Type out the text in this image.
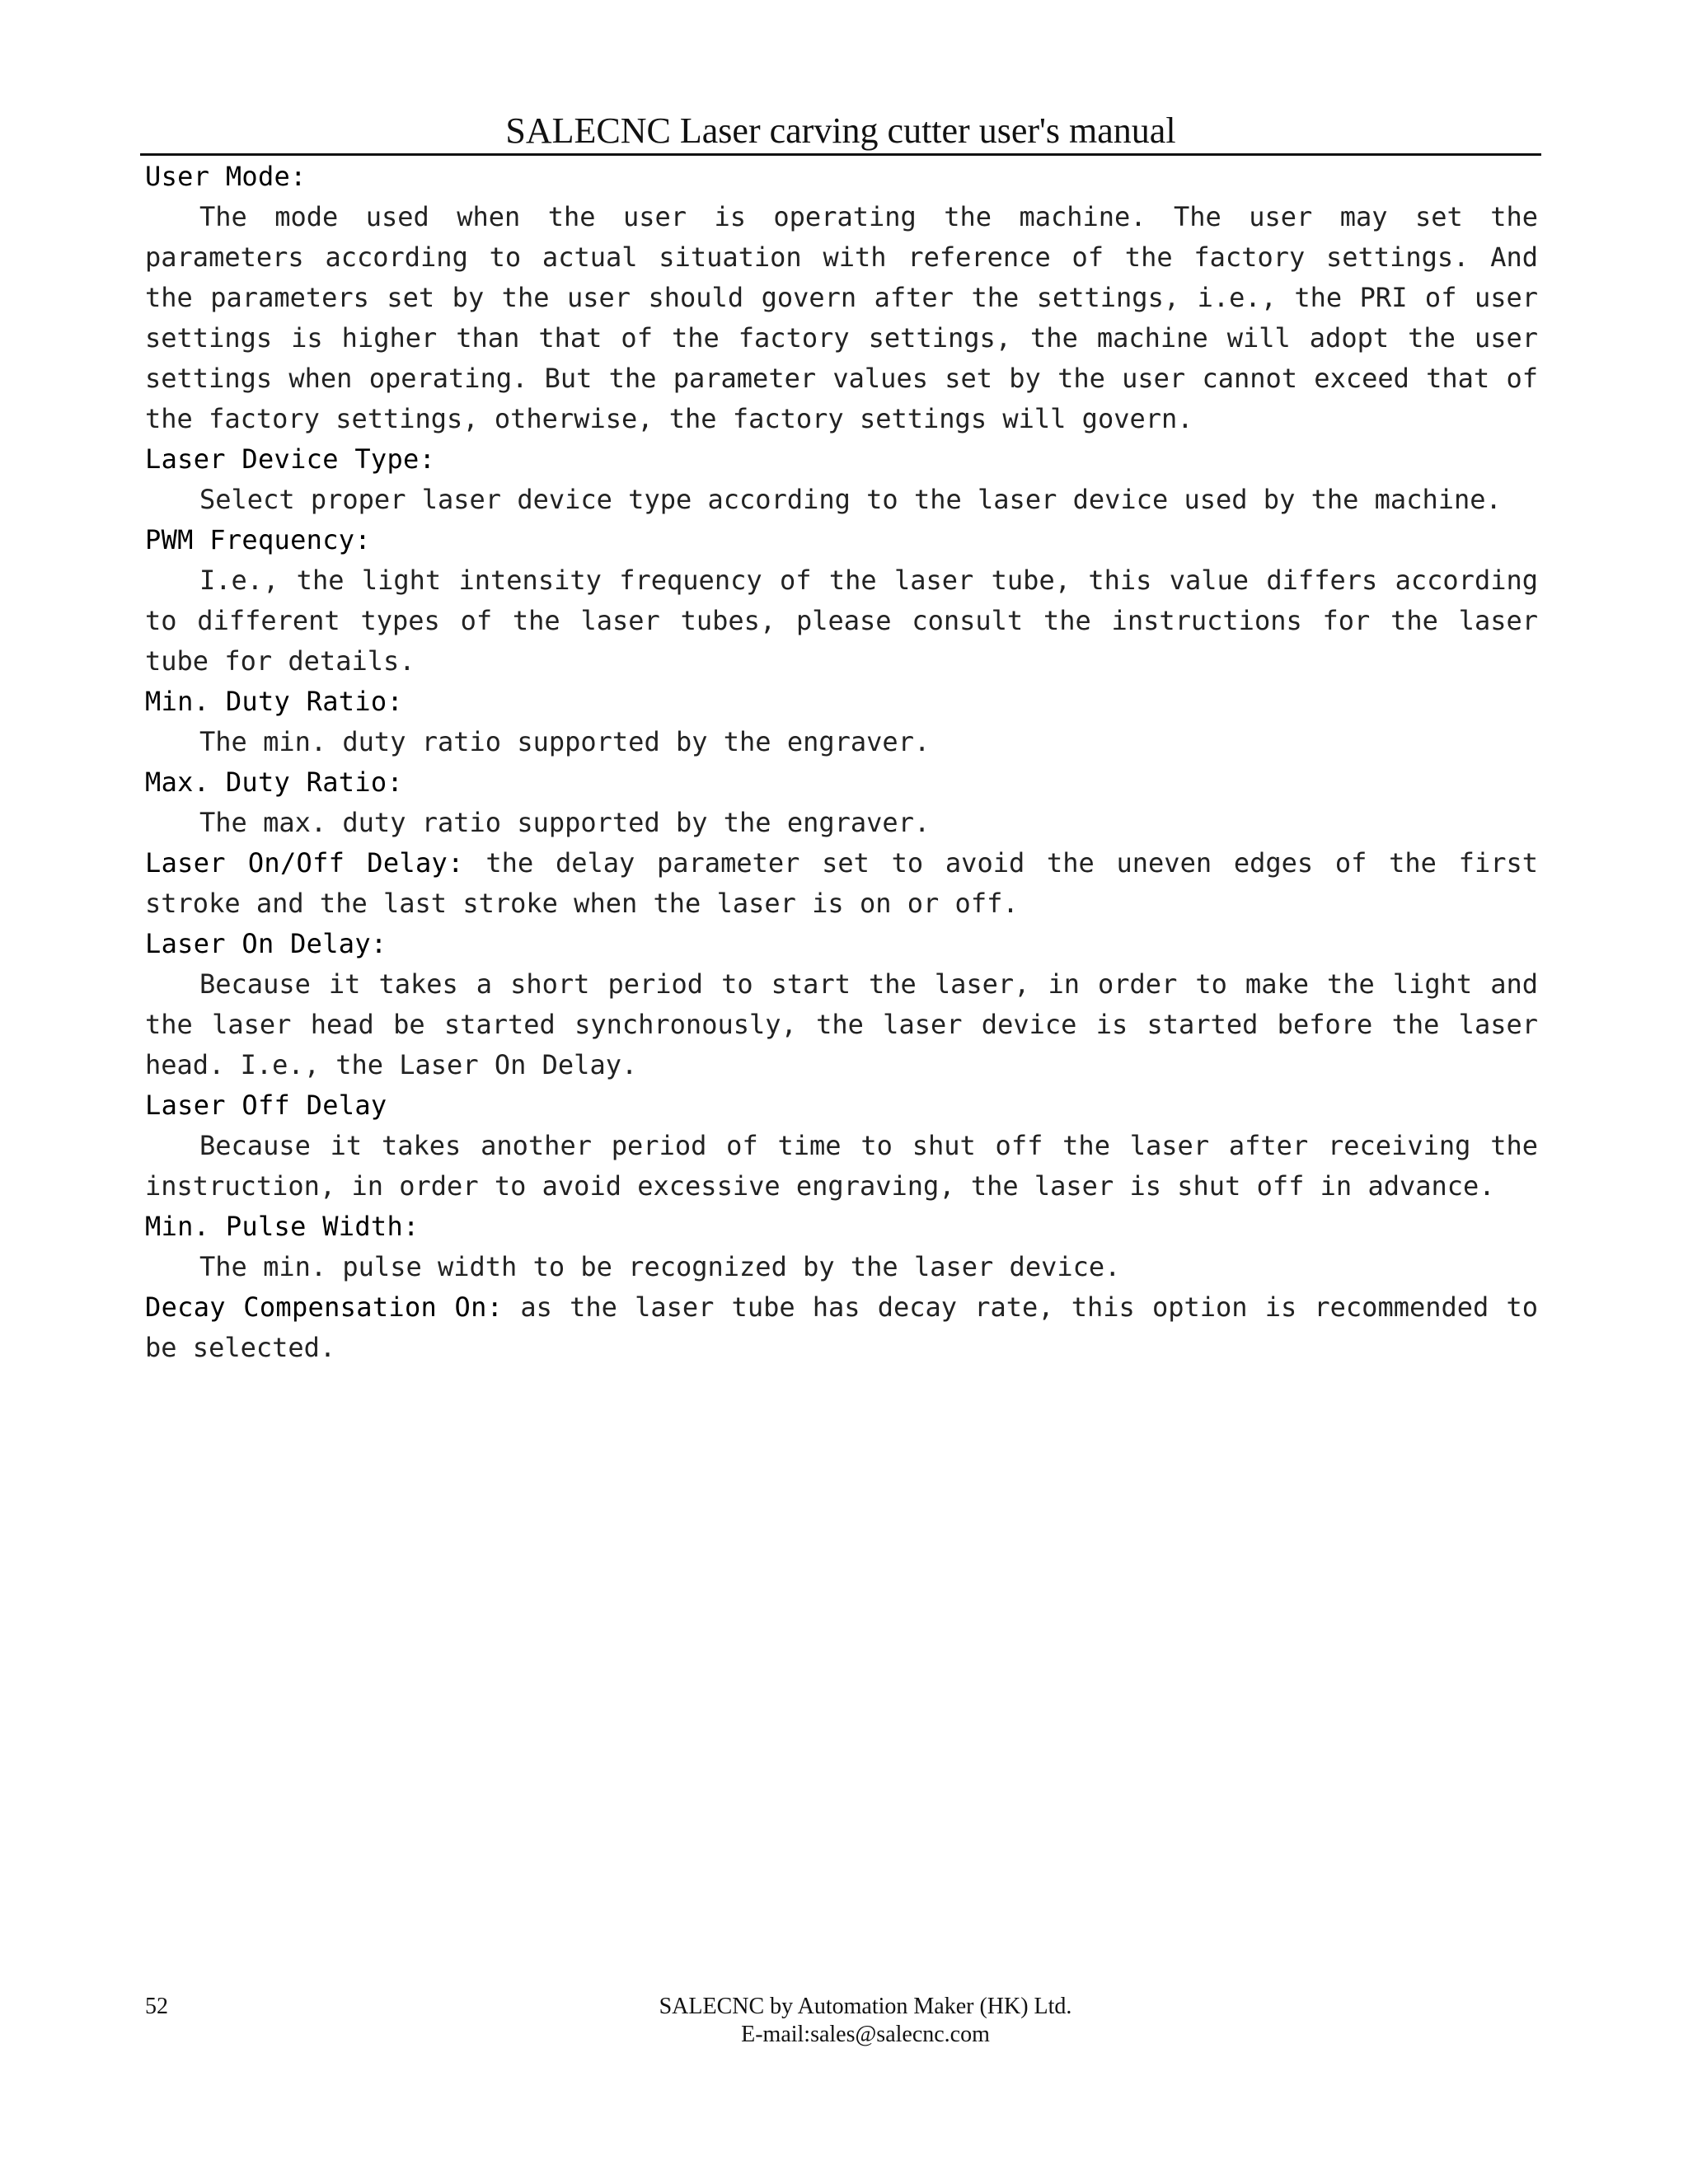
SALECNC Laser carving cutter user's manual

User Mode:

The mode used when the user is operating the machine. The user may set the parameters according to actual situation with reference of the factory settings. And the parameters set by the user should govern after the settings, i.e., the PRI of user settings is higher than that of the factory settings, the machine will adopt the user settings when operating. But the parameter values set by the user cannot exceed that of the factory settings, otherwise, the factory settings will govern.

Laser Device Type:

Select proper laser device type according to the laser device used by the machine.

PWM Frequency:

I.e., the light intensity frequency of the laser tube, this value differs according to different types of the laser tubes, please consult the instructions for the laser tube for details.

Min. Duty Ratio:

The min. duty ratio supported by the engraver.

Max. Duty Ratio:

The max. duty ratio supported by the engraver.

Laser On/Off Delay: the delay parameter set to avoid the uneven edges of the first stroke and the last stroke when the laser is on or off.

Laser On Delay:

Because it takes a short period to start the laser, in order to make the light and the laser head be started synchronously, the laser device is started before the laser head. I.e., the Laser On Delay.

Laser Off Delay

Because it takes another period of time to shut off the laser after receiving the instruction, in order to avoid excessive engraving, the laser is shut off in advance.

Min. Pulse Width:

The min. pulse width to be recognized by the laser device.

Decay Compensation On: as the laser tube has decay rate, this option is recommended to be selected.

52	SALECNC by Automation Maker (HK) Ltd.
E-mail:sales@salecnc.com
